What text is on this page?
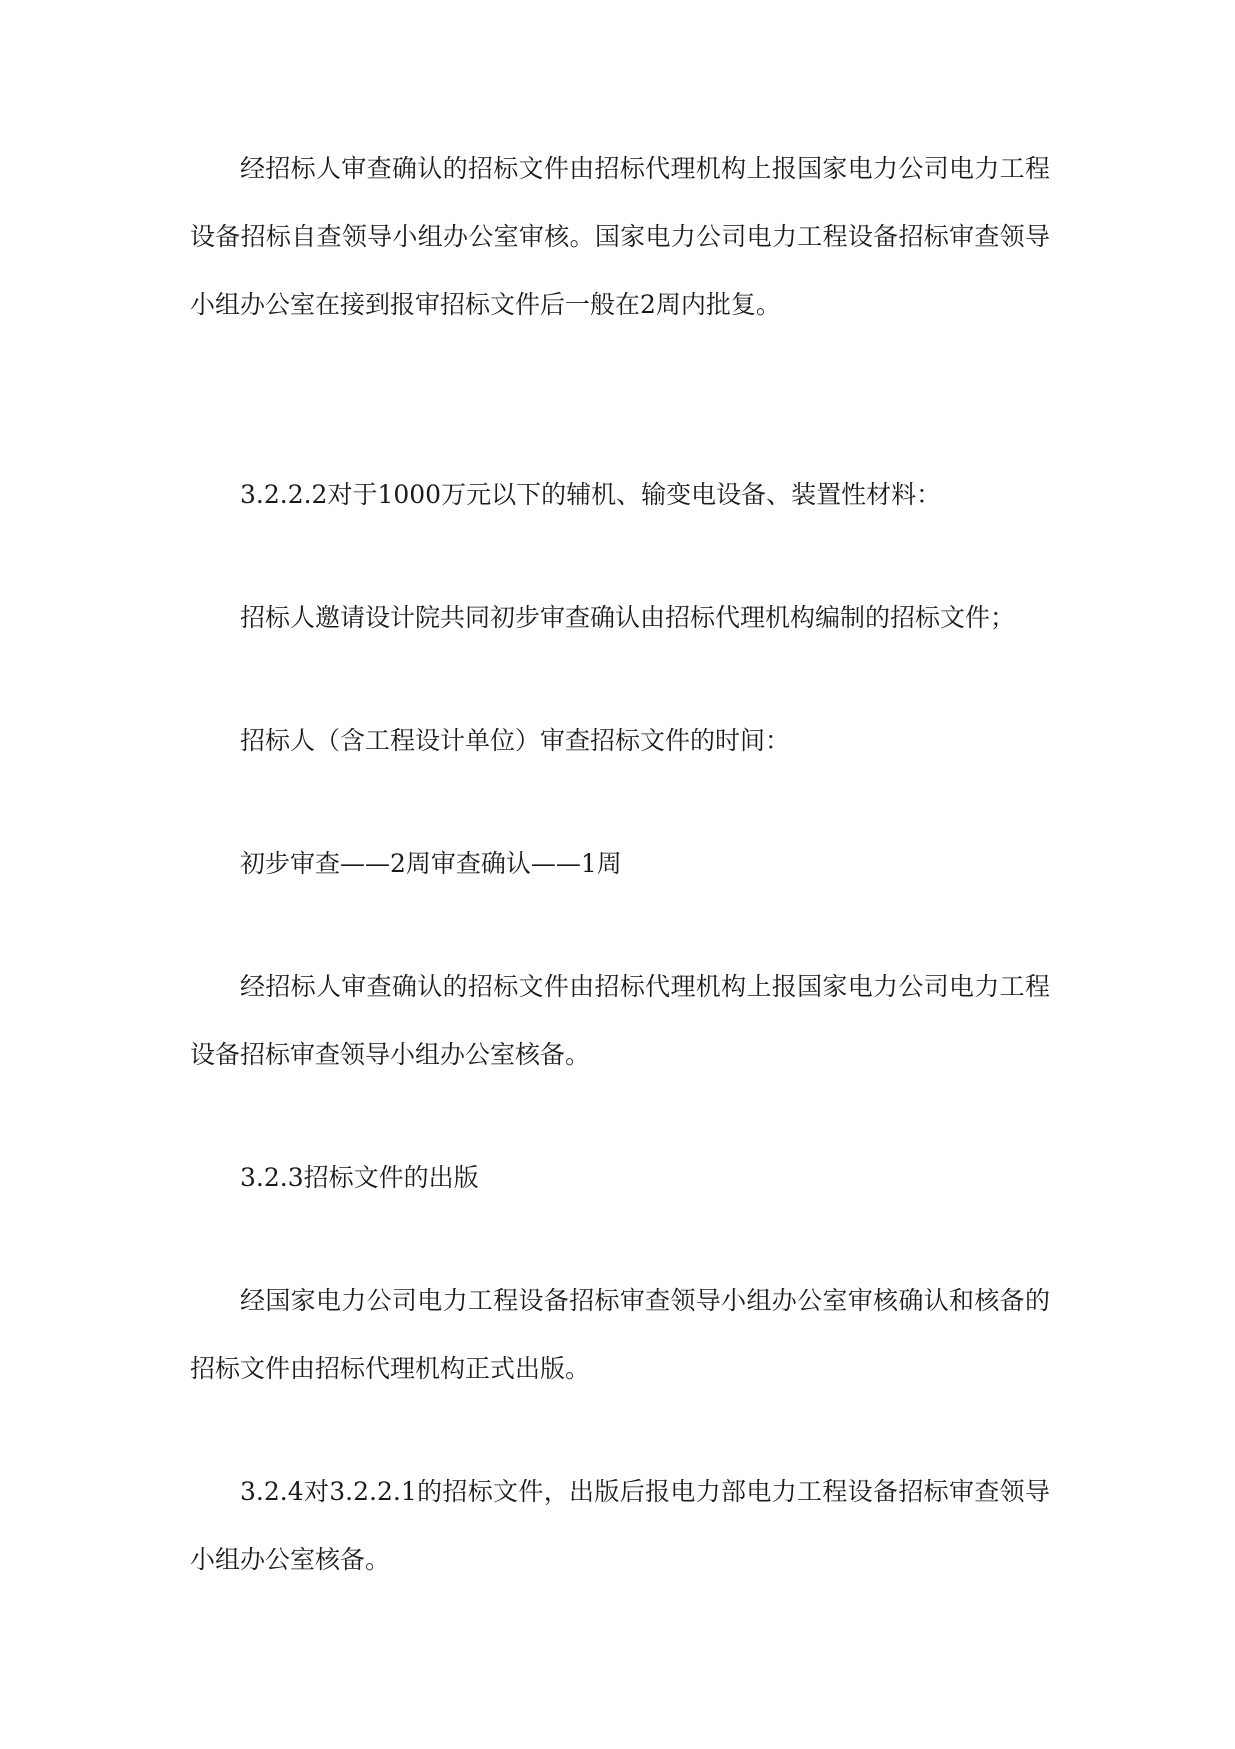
经招标人审查确认的招标文件由招标代理机构上报国家电力公司电力工程设备招标自查领导小组办公室审核。国家电力公司电力工程设备招标审查领导小组办公室在接到报审招标文件后一般在2周内批复。

3.2.2.2对于1000万元以下的辅机、输变电设备、装置性材料：

招标人邀请设计院共同初步审查确认由招标代理机构编制的招标文件；

招标人（含工程设计单位）审查招标文件的时间：

初步审查——2周审查确认——1周

经招标人审查确认的招标文件由招标代理机构上报国家电力公司电力工程设备招标审查领导小组办公室核备。

3.2.3招标文件的出版

经国家电力公司电力工程设备招标审查领导小组办公室审核确认和核备的招标文件由招标代理机构正式出版。

3.2.4对3.2.2.1的招标文件，出版后报电力部电力工程设备招标审查领导小组办公室核备。
